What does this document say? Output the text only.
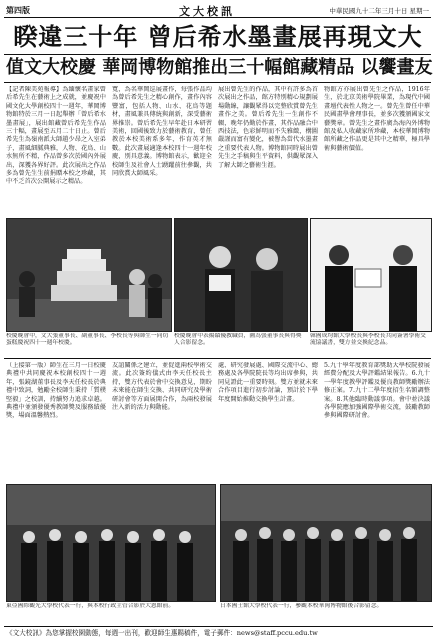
第四版	文大校訊	中華民國九十二年三月十日 星期一
睽違三十年 曾后希水墨畫展再現文大
值文大校慶 華岡博物館推出三十幅館藏精品 以饗畫友
【記者陳美苑報導】為緬懷名畫家曾后希先生在藝術上之成就，並慶祝中國文化大學創校四十一週年，華岡博物館特於三月一日起舉辦「曾后希水墨畫展」，展出館藏曾后希先生作品三十幅，畫展至五月二十日止。曾后希先生為嶺南派大師趙少昂之入室弟子，畫風細膩典雅，人物、花鳥、山水無所不精，作品曾多次於國內外展出，深獲各界好評。此次展出之作品多為曾先生生前捐贈本校之珍藏，其中不乏首次公開展示之精品。
寬，為名華岡巡展畫作，每張作品均為曾后希先生之精心創作，畫作內容豐富，包括人物、山水、花鳥等題材，畫風兼具傳統與創新，深受藝術界推崇。曾后希先生早年赴日本研習美術，回國後致力於藝術教育，曾任教於本校美術系多年，作育英才無數。此次畫展適逢本校四十一週年校慶，別具意義。博物館表示，歡迎全校師生及社會人士踴躍前往參觀，共同欣賞大師風采。
展出曾先生的作品，其中有許多為首次展出之作品，館方特別精心規劃展場動線，讓觀眾得以完整欣賞曾先生畫作之美。曾后希先生一生創作不輟，晚年仍勤於作畫，其作品融合中西技法，色彩鮮明而不失雅緻，構圖嚴謹而富有變化，被譽為當代水墨畫之重要代表人物。博物館同時展出曾先生之手稿與生平資料，供觀眾深入了解大師之藝術生涯。
物館方亦展出曾先生之作品，1916年生，於北京美術學院畢業，為現代中國畫壇代表性人物之一。曾先生曾任中華民國畫學會理事長，並多次獲頒國家文藝獎章。曾先生之畫作廣為海內外博物館及私人收藏家所珍藏，本校華岡博物館所藏之作品更是其中之精華，極具學術與藝術價值。
校慶晚會中，文大張董事長、副董事長、李校長等與師生一同切蛋糕慶祝四十一週年校慶。
校慶晚會中表揚績優教職員，圖為張董事長與得獎人合影留念。
韓國成均館大學校長與李校長共同簽署學術交流協議書，雙方並交換紀念品。
（上接第一版）師生在三月一日校慶典禮中共同慶祝本校創校四十一週年，張鏡湖董事長及李天任校長於典禮中致詞，勉勵全校師生秉持「質樸堅毅」之校訓，持續努力追求卓越。典禮中並頒發優秀教師獎及服務績優獎，場面溫馨熱烈。
友誼關係之建立，並促進兩校學術交流。此次簽約儀式由李天任校長主持，雙方代表於會中交換意見，期盼未來能在師生交換、共同研究及學術研討會等方面展開合作，為兩校發展注入新的活力與動能。
處、研究發展處、國際交流中心、總務處及各學院院長等均出席參與，共同見證此一重要時刻。雙方並就未來合作項目進行初步討論，預計於下學年度開始推動交換學生計畫。
5.九十學年度教育部獎助大學校院發展經費分配及大學評鑑結果報告。6.九十一學年度教學評鑑及優良教師獎勵辦法修正案。7.九十二學年度招生名額調整案。8.其他臨時動議事項。會中並決議各學院應加強國際學術交流，鼓勵教師參與國際研討會。
東亞國際觀光大學校代表一行，與本校行政主管合影於大恩館前。	日本國士館大學校代表一行，參觀本校華岡博物館後合影留念。
《文大校訊》為您掌握校園動態，每週一出刊，歡迎師生惠賜稿件，電子郵件：news@staff.pccu.edu.tw
